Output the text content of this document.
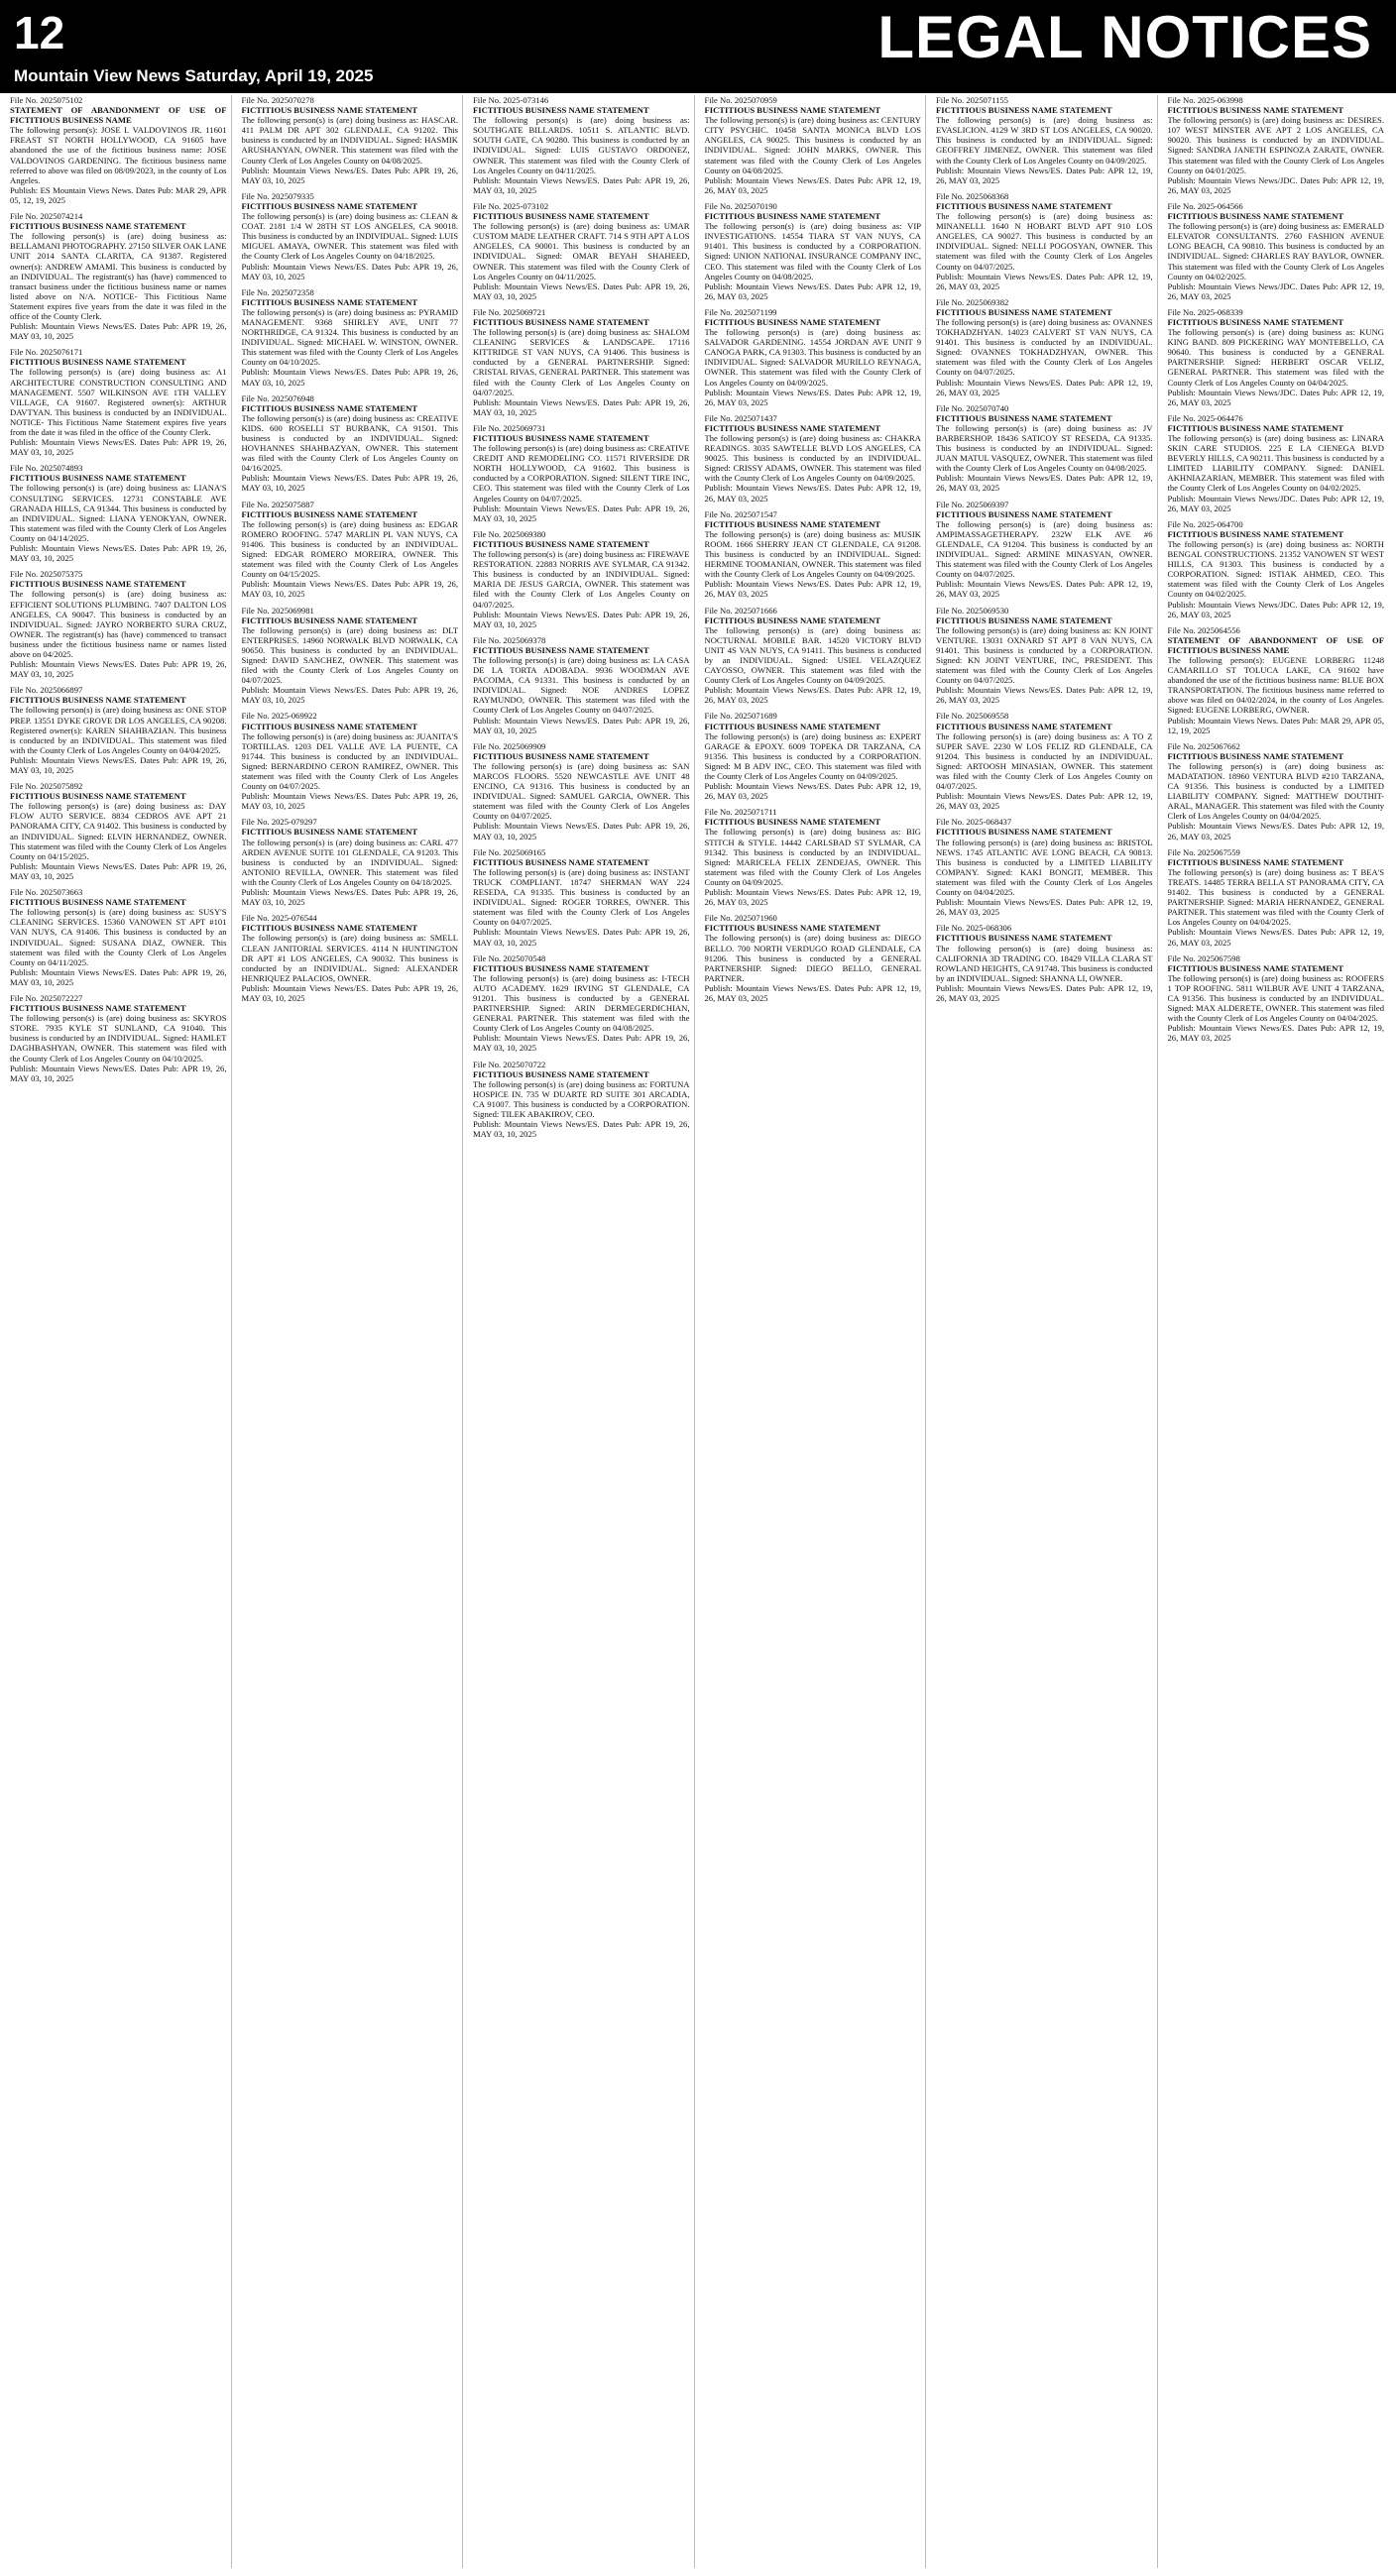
12	LEGAL NOTICES
Mountain View News Saturday, April 19, 2025
File No. 2025075102
STATEMENT OF ABANDONMENT OF USE OF FICTITIOUS BUSINESS NAME
The following person(s): JOSE I. VALDOVINOS JR. 11601 FREAST ST NORTH HOLLYWOOD, CA 91605 have abandoned the use of the fictitious business name: JOSE VALDOVINOS GARDENING. The fictitious business name referred to above was filed on 08/09/2023, in the county of Los Angeles.
Publish: ES Mountain Views News. Dates Pub: MAR 29, APR 05, 12, 19, 2025
File No. 2025074214
FICTITIOUS BUSINESS NAME STATEMENT
The following person(s) is (are) doing business as: BELLAMANI PHOTOGRAPHY. 27150 SILVER OAK LANE UNIT 2014 SANTA CLARITA, CA 91387. Registered owner(s): ANDREW AMAMI. This business is conducted by an INDIVIDUAL. The registrant(s) has (have) commenced to transact business under the fictitious business name or names listed above on N/A. NOTICE- This Fictitious Name Statement expires five years from the date it was filed in the office of the County Clerk.
Publish: Mountain Views News/ES. Dates Pub: APR 19, 26, MAY 03, 10, 2025
File No. 2025076171
FICTITIOUS BUSINESS NAME STATEMENT
The following person(s) is (are) doing business as: A1 ARCHITECTURE CONSTRUCTION CONSULTING AND MANAGEMENT. 5507 WILKINSON AVE 1TH VALLEY VILLAGE, CA 91607. Registered owner(s): ARTHUR DAVTYAN. This business is conducted by an INDIVIDUAL. NOTICE- This Fictitious Name Statement expires five years from the date it was filed in the office of the County Clerk.
Publish: Mountain Views News/ES. Dates Pub: APR 19, 26, MAY 03, 10, 2025
File No. 2025074893
FICTITIOUS BUSINESS NAME STATEMENT
The following person(s) is (are) doing business as: LIANA'S CONSULTING SERVICES. 12731 CONSTABLE AVE GRANADA HILLS, CA 91344. This business is conducted by an INDIVIDUAL. Signed: LIANA YENOKYAN, OWNER. This statement was filed with the County Clerk of Los Angeles County on 04/14/2025.
Publish: Mountain Views News/ES. Dates Pub: APR 19, 26, MAY 03, 10, 2025
File No. 2025075375
FICTITIOUS BUSINESS NAME STATEMENT
The following person(s) is (are) doing business as: EFFICIENT SOLUTIONS PLUMBING. 7407 DALTON LOS ANGELES, CA 90047. This business is conducted by an INDIVIDUAL. Signed: JAYRO NORBERTO SURA CRUZ, OWNER. The registrant(s) has (have) commenced to transact business under the fictitious business name or names listed above on 04/2025.
Publish: Mountain Views News/ES. Dates Pub: APR 19, 26, MAY 03, 10, 2025
File No. 2025066897
FICTITIOUS BUSINESS NAME STATEMENT
The following person(s) is (are) doing business as: ONE STOP PREP. 13551 DYKE GROVE DR LOS ANGELES, CA 90208. Registered owner(s): KAREN SHAHBAZIAN. This business is conducted by an INDIVIDUAL. This statement was filed with the County Clerk of Los Angeles County on 04/04/2025.
Publish: Mountain Views News/ES. Dates Pub: APR 19, 26, MAY 03, 10, 2025
File No. 2025075892
FICTITIOUS BUSINESS NAME STATEMENT
The following person(s) is (are) doing business as: DAY FLOW AUTO SERVICE. 8834 CEDROS AVE APT 21 PANORAMA CITY, CA 91402. This business is conducted by an INDIVIDUAL. Signed: ELVIN HERNANDEZ, OWNER. This statement was filed with the County Clerk of Los Angeles County on 04/15/2025.
Publish: Mountain Views News/ES. Dates Pub: APR 19, 26, MAY 03, 10, 2025
File No. 2025073663
FICTITIOUS BUSINESS NAME STATEMENT
The following person(s) is (are) doing business as: SUSY'S CLEANING SERVICES. 15360 VANOWEN ST APT #101 VAN NUYS, CA 91406. This business is conducted by an INDIVIDUAL. Signed: SUSANA DIAZ, OWNER. This statement was filed with the County Clerk of Los Angeles County on 04/11/2025.
Publish: Mountain Views News/ES. Dates Pub: APR 19, 26, MAY 03, 10, 2025
File No. 2025072227
FICTITIOUS BUSINESS NAME STATEMENT
The following person(s) is (are) doing business as: SKYROS STORE. 7935 KYLE ST SUNLAND, CA 91040. This business is conducted by an INDIVIDUAL. Signed: HAMLET DAGHBASHYAN, OWNER. This statement was filed with the County Clerk of Los Angeles County on 04/10/2025.
Publish: Mountain Views News/ES. Dates Pub: APR 19, 26, MAY 03, 10, 2025
File No. 2025070278
FICTITIOUS BUSINESS NAME STATEMENT
The following person(s) is (are) doing business as: HASCAR. 411 PALM DR APT 302 GLENDALE, CA 91202. This business is conducted by an INDIVIDUAL. Signed: HASMIK ARUSHANYAN, OWNER. This statement was filed with the County Clerk of Los Angeles County on 04/08/2025.
Publish: Mountain Views News/ES. Dates Pub: APR 19, 26, MAY 03, 10, 2025
File No. 2025079335
FICTITIOUS BUSINESS NAME STATEMENT
The following person(s) is (are) doing business as: CLEAN & COAT. 2181 1/4 W 28TH ST LOS ANGELES, CA 90018. This business is conducted by an INDIVIDUAL. Signed: LUIS MIGUEL AMAYA, OWNER. This statement was filed with the County Clerk of Los Angeles County on 04/18/2025.
Publish: Mountain Views News/ES. Dates Pub: APR 19, 26, MAY 03, 10, 2025
File No. 2025072358
FICTITIOUS BUSINESS NAME STATEMENT
The following person(s) is (are) doing business as: PYRAMID MANAGEMENT. 9368 SHIRLEY AVE, UNIT 77 NORTHRIDGE, CA 91324. This business is conducted by an INDIVIDUAL. Signed: MICHAEL W. WINSTON, OWNER. This statement was filed with the County Clerk of Los Angeles County on 04/10/2025.
Publish: Mountain Views News/ES. Dates Pub: APR 19, 26, MAY 03, 10, 2025
File No. 2025076948
FICTITIOUS BUSINESS NAME STATEMENT
The following person(s) is (are) doing business as: CREATIVE KIDS. 600 ROSELLI ST BURBANK, CA 91501. This business is conducted by an INDIVIDUAL. Signed: HOVHANNES SHAHBAZYAN, OWNER. This statement was filed with the County Clerk of Los Angeles County on 04/16/2025.
Publish: Mountain Views News/ES. Dates Pub: APR 19, 26, MAY 03, 10, 2025
File No. 2025075887
FICTITIOUS BUSINESS NAME STATEMENT
The following person(s) is (are) doing business as: EDGAR ROMERO ROOFING. 5747 MARLIN PL VAN NUYS, CA 91406. This business is conducted by an INDIVIDUAL. Signed: EDGAR ROMERO MOREIRA, OWNER. This statement was filed with the County Clerk of Los Angeles County on 04/15/2025.
Publish: Mountain Views News/ES. Dates Pub: APR 19, 26, MAY 03, 10, 2025
File No. 2025069981
FICTITIOUS BUSINESS NAME STATEMENT
The following person(s) is (are) doing business as: DLT ENTERPRISES. 14960 NORWALK BLVD NORWALK, CA 90650. This business is conducted by an INDIVIDUAL. Signed: DAVID SANCHEZ, OWNER. This statement was filed with the County Clerk of Los Angeles County on 04/07/2025.
Publish: Mountain Views News/ES. Dates Pub: APR 19, 26, MAY 03, 10, 2025
File No. 2025-069922
FICTITIOUS BUSINESS NAME STATEMENT
The following person(s) is (are) doing business as: JUANITA'S TORTILLAS. 1203 DEL VALLE AVE LA PUENTE, CA 91744. This business is conducted by an INDIVIDUAL. Signed: BERNARDINO CERON RAMIREZ, OWNER. This statement was filed with the County Clerk of Los Angeles County on 04/07/2025.
Publish: Mountain Views News/ES. Dates Pub: APR 19, 26, MAY 03, 10, 2025
File No. 2025-079297
FICTITIOUS BUSINESS NAME STATEMENT
The following person(s) is (are) doing business as: CARL 477 ARDEN AVENUE SUITE 101 GLENDALE, CA 91203. This business is conducted by an INDIVIDUAL. Signed: ANTONIO REVILLA, OWNER. This statement was filed with the County Clerk of Los Angeles County on 04/18/2025.
Publish: Mountain Views News/ES. Dates Pub: APR 19, 26, MAY 03, 10, 2025
File No. 2025-076544
FICTITIOUS BUSINESS NAME STATEMENT
The following person(s) is (are) doing business as: SMELL CLEAN JANITORIAL SERVICES. 4114 N HUNTINGTON DR APT #1 LOS ANGELES, CA 90032. This business is conducted by an INDIVIDUAL. Signed: ALEXANDER HENRIQUEZ PALACIOS, OWNER.
Publish: Mountain Views News/ES. Dates Pub: APR 19, 26, MAY 03, 10, 2025
File No. 2025-073146
FICTITIOUS BUSINESS NAME STATEMENT
The following person(s) is (are) doing business as: SOUTHGATE BILLARDS. 10511 S. ATLANTIC BLVD. SOUTH GATE, CA 90280. This business is conducted by an INDIVIDUAL. Signed: LUIS GUSTAVO ORDONEZ, OWNER. This statement was filed with the County Clerk of Los Angeles County on 04/11/2025.
Publish: Mountain Views News/ES. Dates Pub: APR 19, 26, MAY 03, 10, 2025
File No. 2025-073102
FICTITIOUS BUSINESS NAME STATEMENT
The following person(s) is (are) doing business as: UMAR CUSTOM MADE LEATHER CRAFT. 714 S 9TH APT A LOS ANGELES, CA 90001. This business is conducted by an INDIVIDUAL. Signed: OMAR BEYAH SHAHEED, OWNER. This statement was filed with the County Clerk of Los Angeles County on 04/11/2025.
Publish: Mountain Views News/ES. Dates Pub: APR 19, 26, MAY 03, 10, 2025
File No. 2025069721
FICTITIOUS BUSINESS NAME STATEMENT
The following person(s) is (are) doing business as: SHALOM CLEANING SERVICES & LANDSCAPE. 17116 KITTRIDGE ST VAN NUYS, CA 91406. This business is conducted by a GENERAL PARTNERSHIP. Signed: CRISTAL RIVAS, GENERAL PARTNER. This statement was filed with the County Clerk of Los Angeles County on 04/07/2025.
Publish: Mountain Views News/ES. Dates Pub: APR 19, 26, MAY 03, 10, 2025
File No. 2025069731
FICTITIOUS BUSINESS NAME STATEMENT
The following person(s) is (are) doing business as: CREATIVE CREDIT AND REMODELING CO. 11571 RIVERSIDE DR NORTH HOLLYWOOD, CA 91602. This business is conducted by a CORPORATION. Signed: SILENT TIRE INC, CEO. This statement was filed with the County Clerk of Los Angeles County on 04/07/2025.
Publish: Mountain Views News/ES. Dates Pub: APR 19, 26, MAY 03, 10, 2025
File No. 2025069380
FICTITIOUS BUSINESS NAME STATEMENT
The following person(s) is (are) doing business as: FIREWAVE RESTORATION. 22883 NORRIS AVE SYLMAR, CA 91342. This business is conducted by an INDIVIDUAL. Signed: MARIA DE JESUS GARCIA, OWNER. This statement was filed with the County Clerk of Los Angeles County on 04/07/2025.
Publish: Mountain Views News/ES. Dates Pub: APR 19, 26, MAY 03, 10, 2025
File No. 2025069378
FICTITIOUS BUSINESS NAME STATEMENT
The following person(s) is (are) doing business as: LA CASA DE LA TORTA ADOBADA. 9936 WOODMAN AVE PACOIMA, CA 91331. This business is conducted by an INDIVIDUAL. Signed: NOE ANDRES LOPEZ RAYMUNDO, OWNER. This statement was filed with the County Clerk of Los Angeles County on 04/07/2025.
Publish: Mountain Views News/ES. Dates Pub: APR 19, 26, MAY 03, 10, 2025
File No. 2025069909
FICTITIOUS BUSINESS NAME STATEMENT
The following person(s) is (are) doing business as: SAN MARCOS FLOORS. 5520 NEWCASTLE AVE UNIT 48 ENCINO, CA 91316. This business is conducted by an INDIVIDUAL. Signed: SAMUEL GARCIA, OWNER. This statement was filed with the County Clerk of Los Angeles County on 04/07/2025.
Publish: Mountain Views News/ES. Dates Pub: APR 19, 26, MAY 03, 10, 2025
File No. 2025069165
FICTITIOUS BUSINESS NAME STATEMENT
The following person(s) is (are) doing business as: INSTANT TRUCK COMPLIANT. 18747 SHERMAN WAY 224 RESEDA, CA 91335. This business is conducted by an INDIVIDUAL. Signed: ROGER TORRES, OWNER. This statement was filed with the County Clerk of Los Angeles County on 04/07/2025.
Publish: Mountain Views News/ES. Dates Pub: APR 19, 26, MAY 03, 10, 2025
File No. 2025070548
FICTITIOUS BUSINESS NAME STATEMENT
The following person(s) is (are) doing business as: I-TECH AUTO ACADEMY. 1629 IRVING ST GLENDALE, CA 91201. This business is conducted by a GENERAL PARTNERSHIP. Signed: ARIN DERMEGERDICHIAN, GENERAL PARTNER. This statement was filed with the County Clerk of Los Angeles County on 04/08/2025.
Publish: Mountain Views News/ES. Dates Pub: APR 19, 26, MAY 03, 10, 2025
File No. 2025070722
FICTITIOUS BUSINESS NAME STATEMENT
The following person(s) is (are) doing business as: FORTUNA HOSPICE IN. 735 W DUARTE RD SUITE 301 ARCADIA, CA 91007. This business is conducted by a CORPORATION. Signed: TILEK ABAKIROV, CEO.
Publish: Mountain Views News/ES. Dates Pub: APR 19, 26, MAY 03, 10, 2025
File No. 2025070959
FICTITIOUS BUSINESS NAME STATEMENT
The following person(s) is (are) doing business as: CENTURY CITY PSYCHIC. 10458 SANTA MONICA BLVD LOS ANGELES, CA 90025. This business is conducted by an INDIVIDUAL. Signed: JOHN MARKS, OWNER. This statement was filed with the County Clerk of Los Angeles County on 04/08/2025.
Publish: Mountain Views News/ES. Dates Pub: APR 12, 19, 26, MAY 03, 2025
File No. 2025070190
FICTITIOUS BUSINESS NAME STATEMENT
The following person(s) is (are) doing business as: VIP INVESTIGATIONS. 14554 TIARA ST VAN NUYS, CA 91401. This business is conducted by a CORPORATION. Signed: UNION NATIONAL INSURANCE COMPANY INC, CEO. This statement was filed with the County Clerk of Los Angeles County on 04/08/2025.
Publish: Mountain Views News/ES. Dates Pub: APR 12, 19, 26, MAY 03, 2025
File No. 2025071199
FICTITIOUS BUSINESS NAME STATEMENT
The following person(s) is (are) doing business as: SALVADOR GARDENING. 14554 JORDAN AVE UNIT 9 CANOGA PARK, CA 91303. This business is conducted by an INDIVIDUAL. Signed: SALVADOR MURILLO REYNAGA, OWNER. This statement was filed with the County Clerk of Los Angeles County on 04/09/2025.
Publish: Mountain Views News/ES. Dates Pub: APR 12, 19, 26, MAY 03, 2025
File No. 2025071437
FICTITIOUS BUSINESS NAME STATEMENT
The following person(s) is (are) doing business as: CHAKRA READINGS. 3035 SAWTELLE BLVD LOS ANGELES, CA 90025. This business is conducted by an INDIVIDUAL. Signed: CRISSY ADAMS, OWNER. This statement was filed with the County Clerk of Los Angeles County on 04/09/2025.
Publish: Mountain Views News/ES. Dates Pub: APR 12, 19, 26, MAY 03, 2025
File No. 2025071547
FICTITIOUS BUSINESS NAME STATEMENT
The following person(s) is (are) doing business as: MUSIK ROOM. 1666 SHERRY JEAN CT GLENDALE, CA 91208. This business is conducted by an INDIVIDUAL. Signed: HERMINE TOOMANIAN, OWNER. This statement was filed with the County Clerk of Los Angeles County on 04/09/2025.
Publish: Mountain Views News/ES. Dates Pub: APR 12, 19, 26, MAY 03, 2025
File No. 2025071666
FICTITIOUS BUSINESS NAME STATEMENT
The following person(s) is (are) doing business as: NOCTURNAL MOBILE BAR. 14520 VICTORY BLVD UNIT 4S VAN NUYS, CA 91411. This business is conducted by an INDIVIDUAL. Signed: USIEL VELAZQUEZ CAYOSSO, OWNER. This statement was filed with the County Clerk of Los Angeles County on 04/09/2025.
Publish: Mountain Views News/ES. Dates Pub: APR 12, 19, 26, MAY 03, 2025
File No. 2025071689
FICTITIOUS BUSINESS NAME STATEMENT
The following person(s) is (are) doing business as: EXPERT GARAGE & EPOXY. 6009 TOPEKA DR TARZANA, CA 91356. This business is conducted by a CORPORATION. Signed: M B ADV INC, CEO. This statement was filed with the County Clerk of Los Angeles County on 04/09/2025.
Publish: Mountain Views News/ES. Dates Pub: APR 12, 19, 26, MAY 03, 2025
File No. 2025071711
FICTITIOUS BUSINESS NAME STATEMENT
The following person(s) is (are) doing business as: BIG STITCH & STYLE. 14442 CARLSBAD ST SYLMAR, CA 91342. This business is conducted by an INDIVIDUAL. Signed: MARICELA FELIX ZENDEJAS, OWNER. This statement was filed with the County Clerk of Los Angeles County on 04/09/2025.
Publish: Mountain Views News/ES. Dates Pub: APR 12, 19, 26, MAY 03, 2025
File No. 2025071960
FICTITIOUS BUSINESS NAME STATEMENT
The following person(s) is (are) doing business as: DIEGO BELLO. 700 NORTH VERDUGO ROAD GLENDALE, CA 91206. This business is conducted by a GENERAL PARTNERSHIP. Signed: DIEGO BELLO, GENERAL PARTNER.
Publish: Mountain Views News/ES. Dates Pub: APR 12, 19, 26, MAY 03, 2025
File No. 2025071155
FICTITIOUS BUSINESS NAME STATEMENT
The following person(s) is (are) doing business as: EVASLICION. 4129 W 3RD ST LOS ANGELES, CA 90020. This business is conducted by an INDIVIDUAL. Signed: GEOFFREY JIMENEZ, OWNER. This statement was filed with the County Clerk of Los Angeles County on 04/09/2025.
Publish: Mountain Views News/ES. Dates Pub: APR 12, 19, 26, MAY 03, 2025
File No. 2025068368
FICTITIOUS BUSINESS NAME STATEMENT
The following person(s) is (are) doing business as: MINANELLI. 1640 N HOBART BLVD APT 910 LOS ANGELES, CA 90027. This business is conducted by an INDIVIDUAL. Signed: NELLI POGOSYAN, OWNER. This statement was filed with the County Clerk of Los Angeles County on 04/07/2025.
Publish: Mountain Views News/ES. Dates Pub: APR 12, 19, 26, MAY 03, 2025
File No. 2025069382
FICTITIOUS BUSINESS NAME STATEMENT
The following person(s) is (are) doing business as: OVANNES TOKHADZHYAN. 14023 CALVERT ST VAN NUYS, CA 91401. This business is conducted by an INDIVIDUAL. Signed: OVANNES TOKHADZHYAN, OWNER. This statement was filed with the County Clerk of Los Angeles County on 04/07/2025.
Publish: Mountain Views News/ES. Dates Pub: APR 12, 19, 26, MAY 03, 2025
File No. 2025070740
FICTITIOUS BUSINESS NAME STATEMENT
The following person(s) is (are) doing business as: JV BARBERSHOP. 18436 SATICOY ST RESEDA, CA 91335. This business is conducted by an INDIVIDUAL. Signed: JUAN MATUL VASQUEZ, OWNER. This statement was filed with the County Clerk of Los Angeles County on 04/08/2025.
Publish: Mountain Views News/ES. Dates Pub: APR 12, 19, 26, MAY 03, 2025
File No. 2025069397
FICTITIOUS BUSINESS NAME STATEMENT
The following person(s) is (are) doing business as: AMPIMASSAGETHERAPY. 232W ELK AVE #6 GLENDALE, CA 91204. This business is conducted by an INDIVIDUAL. Signed: ARMINE MINASYAN, OWNER. This statement was filed with the County Clerk of Los Angeles County on 04/07/2025.
Publish: Mountain Views News/ES. Dates Pub: APR 12, 19, 26, MAY 03, 2025
File No. 2025069530
FICTITIOUS BUSINESS NAME STATEMENT
The following person(s) is (are) doing business as: KN JOINT VENTURE. 13031 OXNARD ST APT 8 VAN NUYS, CA 91401. This business is conducted by a CORPORATION. Signed: KN JOINT VENTURE, INC, PRESIDENT. This statement was filed with the County Clerk of Los Angeles County on 04/07/2025.
Publish: Mountain Views News/ES. Dates Pub: APR 12, 19, 26, MAY 03, 2025
File No. 2025069558
FICTITIOUS BUSINESS NAME STATEMENT
The following person(s) is (are) doing business as: A TO Z SUPER SAVE. 2230 W LOS FELIZ RD GLENDALE, CA 91204. This business is conducted by an INDIVIDUAL. Signed: ARTOOSH MINASIAN, OWNER. This statement was filed with the County Clerk of Los Angeles County on 04/07/2025.
Publish: Mountain Views News/ES. Dates Pub: APR 12, 19, 26, MAY 03, 2025
File No. 2025-068437
FICTITIOUS BUSINESS NAME STATEMENT
The following person(s) is (are) doing business as: BRISTOL NEWS. 1745 ATLANTIC AVE LONG BEACH, CA 90813. This business is conducted by a LIMITED LIABILITY COMPANY. Signed: KAKI BONGIT, MEMBER. This statement was filed with the County Clerk of Los Angeles County on 04/04/2025.
Publish: Mountain Views News/ES. Dates Pub: APR 12, 19, 26, MAY 03, 2025
File No. 2025-068306
FICTITIOUS BUSINESS NAME STATEMENT
The following person(s) is (are) doing business as: CALIFORNIA 3D TRADING CO. 18429 VILLA CLARA ST ROWLAND HEIGHTS, CA 91748. This business is conducted by an INDIVIDUAL. Signed: SHANNA LI, OWNER.
Publish: Mountain Views News/ES. Dates Pub: APR 12, 19, 26, MAY 03, 2025
File No. 2025-063998
FICTITIOUS BUSINESS NAME STATEMENT
The following person(s) is (are) doing business as: DESIRES. 107 WEST MINSTER AVE APT 2 LOS ANGELES, CA 90020. This business is conducted by an INDIVIDUAL. Signed: SANDRA JANETH ESPINOZA ZARATE, OWNER. This statement was filed with the County Clerk of Los Angeles County on 04/01/2025.
Publish: Mountain Views News/JDC. Dates Pub: APR 12, 19, 26, MAY 03, 2025
File No. 2025-064566
FICTITIOUS BUSINESS NAME STATEMENT
The following person(s) is (are) doing business as: EMERALD ELEVATOR CONSULTANTS. 2760 FASHION AVENUE LONG BEACH, CA 90810. This business is conducted by an INDIVIDUAL. Signed: CHARLES RAY BAYLOR, OWNER. This statement was filed with the County Clerk of Los Angeles County on 04/02/2025.
Publish: Mountain Views News/JDC. Dates Pub: APR 12, 19, 26, MAY 03, 2025
File No. 2025-068339
FICTITIOUS BUSINESS NAME STATEMENT
The following person(s) is (are) doing business as: KUNG KING BAND. 809 PICKERING WAY MONTEBELLO, CA 90640. This business is conducted by a GENERAL PARTNERSHIP. Signed: HERBERT OSCAR VELIZ, GENERAL PARTNER. This statement was filed with the County Clerk of Los Angeles County on 04/04/2025.
Publish: Mountain Views News/JDC. Dates Pub: APR 12, 19, 26, MAY 03, 2025
File No. 2025-064476
FICTITIOUS BUSINESS NAME STATEMENT
The following person(s) is (are) doing business as: LINARA SKIN CARE STUDIOS. 225 E LA CIENEGA BLVD BEVERLY HILLS, CA 90211. This business is conducted by a LIMITED LIABILITY COMPANY. Signed: DANIEL AKHNIAZARIAN, MEMBER. This statement was filed with the County Clerk of Los Angeles County on 04/02/2025.
Publish: Mountain Views News/JDC. Dates Pub: APR 12, 19, 26, MAY 03, 2025
File No. 2025-064700
FICTITIOUS BUSINESS NAME STATEMENT
The following person(s) is (are) doing business as: NORTH BENGAL CONSTRUCTIONS. 21352 VANOWEN ST WEST HILLS, CA 91303. This business is conducted by a CORPORATION. Signed: ISTIAK AHMED, CEO. This statement was filed with the County Clerk of Los Angeles County on 04/02/2025.
Publish: Mountain Views News/JDC. Dates Pub: APR 12, 19, 26, MAY 03, 2025
File No. 2025064556
STATEMENT OF ABANDONMENT OF USE OF FICTITIOUS BUSINESS NAME
The following person(s): EUGENE LORBERG 11248 CAMARILLO ST TOLUCA LAKE, CA 91602 have abandoned the use of the fictitious business name: BLUE BOX TRANSPORTATION. The fictitious business name referred to above was filed on 04/02/2024, in the county of Los Angeles. Signed: EUGENE LORBERG, OWNER.
Publish: Mountain Views News. Dates Pub: MAR 29, APR 05, 12, 19, 2025
File No. 2025067662
FICTITIOUS BUSINESS NAME STATEMENT
The following person(s) is (are) doing business as: MADATATION. 18960 VENTURA BLVD #210 TARZANA, CA 91356. This business is conducted by a LIMITED LIABILITY COMPANY. Signed: MATTHEW DOUTHIT-ARAL, MANAGER. This statement was filed with the County Clerk of Los Angeles County on 04/04/2025.
Publish: Mountain Views News/ES. Dates Pub: APR 12, 19, 26, MAY 03, 2025
File No. 2025067559
FICTITIOUS BUSINESS NAME STATEMENT
The following person(s) is (are) doing business as: T BEA'S TREATS. 14485 TERRA BELLA ST PANORAMA CITY, CA 91402. This business is conducted by a GENERAL PARTNERSHIP. Signed: MARIA HERNANDEZ, GENERAL PARTNER. This statement was filed with the County Clerk of Los Angeles County on 04/04/2025.
Publish: Mountain Views News/ES. Dates Pub: APR 12, 19, 26, MAY 03, 2025
File No. 2025067598
FICTITIOUS BUSINESS NAME STATEMENT
The following person(s) is (are) doing business as: ROOFERS 1 TOP ROOFING. 5811 WILBUR AVE UNIT 4 TARZANA, CA 91356. This business is conducted by an INDIVIDUAL. Signed: MAX ALDERETE, OWNER. This statement was filed with the County Clerk of Los Angeles County on 04/04/2025.
Publish: Mountain Views News/ES. Dates Pub: APR 12, 19, 26, MAY 03, 2025
